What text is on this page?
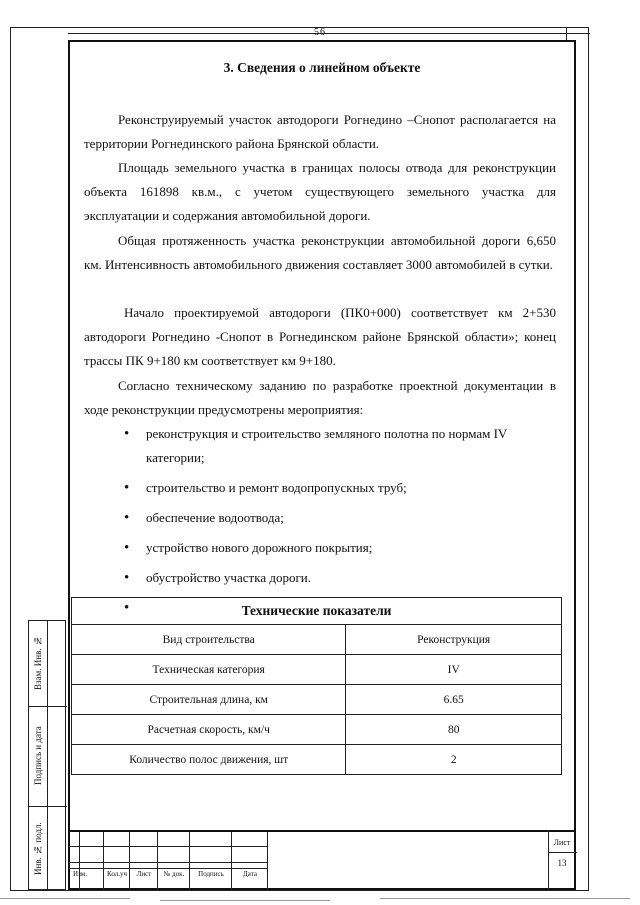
56
3. Сведения о линейном объекте
Реконструируемый участок автодороги Рогнедино –Снопот располагается на территории Рогнединского района Брянской области.
Площадь земельного участка в границах полосы отвода для реконструкции объекта 161898 кв.м., с учетом существующего земельного участка для эксплуатации и содержания автомобильной дороги.
Общая протяженность участка реконструкции автомобильной дороги 6,650 км. Интенсивность автомобильного движения составляет 3000 автомобилей в сутки.
Начало проектируемой автодороги (ПК0+000) соответствует км 2+530 автодороги Рогнедино -Снопот в Рогнединском районе Брянской области»; конец трассы ПК 9+180 км соответствует км 9+180.
Согласно техническому заданию по разработке проектной документации в ходе реконструкции предусмотрены мероприятия:
• реконструкция и строительство земляного полотна по нормам IV категории;
• строительство и ремонт водопропускных труб;
• обеспечение водоотвода;
• устройство нового дорожного покрытия;
• обустройство участка дороги.
•
Технические показатели	
Вид строительства	Реконструкция
Техническая категория	IV
Строительная длина, км	6.65
Расчетная скорость, км/ч	80
Количество полос движения, шт	2
Взам. Инв. №
Подпись и дата
Инв. № подл.	Изм.	Кол.уч	Лист	№ док.	Подпись	Дата
Лист
13
